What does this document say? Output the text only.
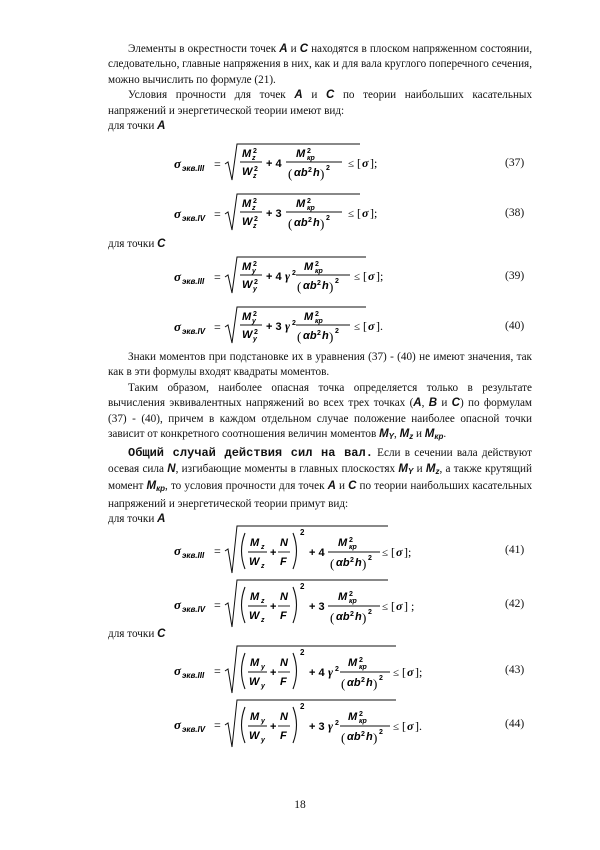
Элементы в окрестности точек A и C находятся в плоском напряженном состоянии, следовательно, главные напряжения в них, как и для вала круглого поперечного сечения, можно вычислить по формуле (21).

Условия прочности для точек A и C по теории наибольших касательных напряжений и энергетической теории имеют вид:

для точки A

σ экв.III =
M 2
z
W 2
z
+ 4
M 2
кр
( αb 2 h ) 2 ≤ [ σ ];	(37)
σ экв.IV =
M 2
z
W 2
z
+ 3
M 2
кр
( αb 2 h ) 2 ≤ [ σ ];	(38)
для точки C
σ экв.III =
M 2
y
W 2
y
+ 4 γ 2
M 2
кр
( αb 2 h ) 2 ≤ [ σ ];	(39)
σ экв.IV =
M 2
y
W 2
y
+ 3 γ 2
M 2
кр
( αb 2 h ) 2 ≤ [ σ ].	(40)

Знаки моментов при подстановке их в уравнения (37) - (40) не имеют значения, так как в эти формулы входят квадраты моментов.

Таким образом, наиболее опасная точка определяется только в результате вычисления эквивалентных напряжений во всех трех точках (A, B и C) по формулам (37) - (40), причем в каждом отдельном случае положение наиболее опасной точки зависит от конкретного соотношения величин моментов $M_Y$, $M_z$ и $M_{кр}$.

Общий случай действия сил на вал. Если в сечении вала действуют осевая сила N, изгибающие моменты в главных плоскостях $M_Y$ и $M_z$, а также крутящий момент $M_{кр}$, то условия прочности для точек A и C по теории наибольших касательных напряжений и энергетической теории примут вид:

для точки A

σ экв.III =
M z
W z
+
N
F
2
+ 4
M 2
кр
( αb 2 h ) 2 ≤ [ σ ];	(41)
σ экв.IV =
M z
W z
+
N
F
2
+ 3
M 2
кр
( αb 2 h ) 2 ≤ [ σ ] ;	(42)
для точки C
σ экв.III =
M y
W y
+
N
F
2
+ 4 γ 2
M 2
кр
( αb 2 h ) 2 ≤ [ σ ];	(43)
σ экв.IV =
M y
W y
+
N
F
2
+ 3 γ 2
M 2
кр
( αb 2 h ) 2 ≤ [ σ ].	(44)
18
